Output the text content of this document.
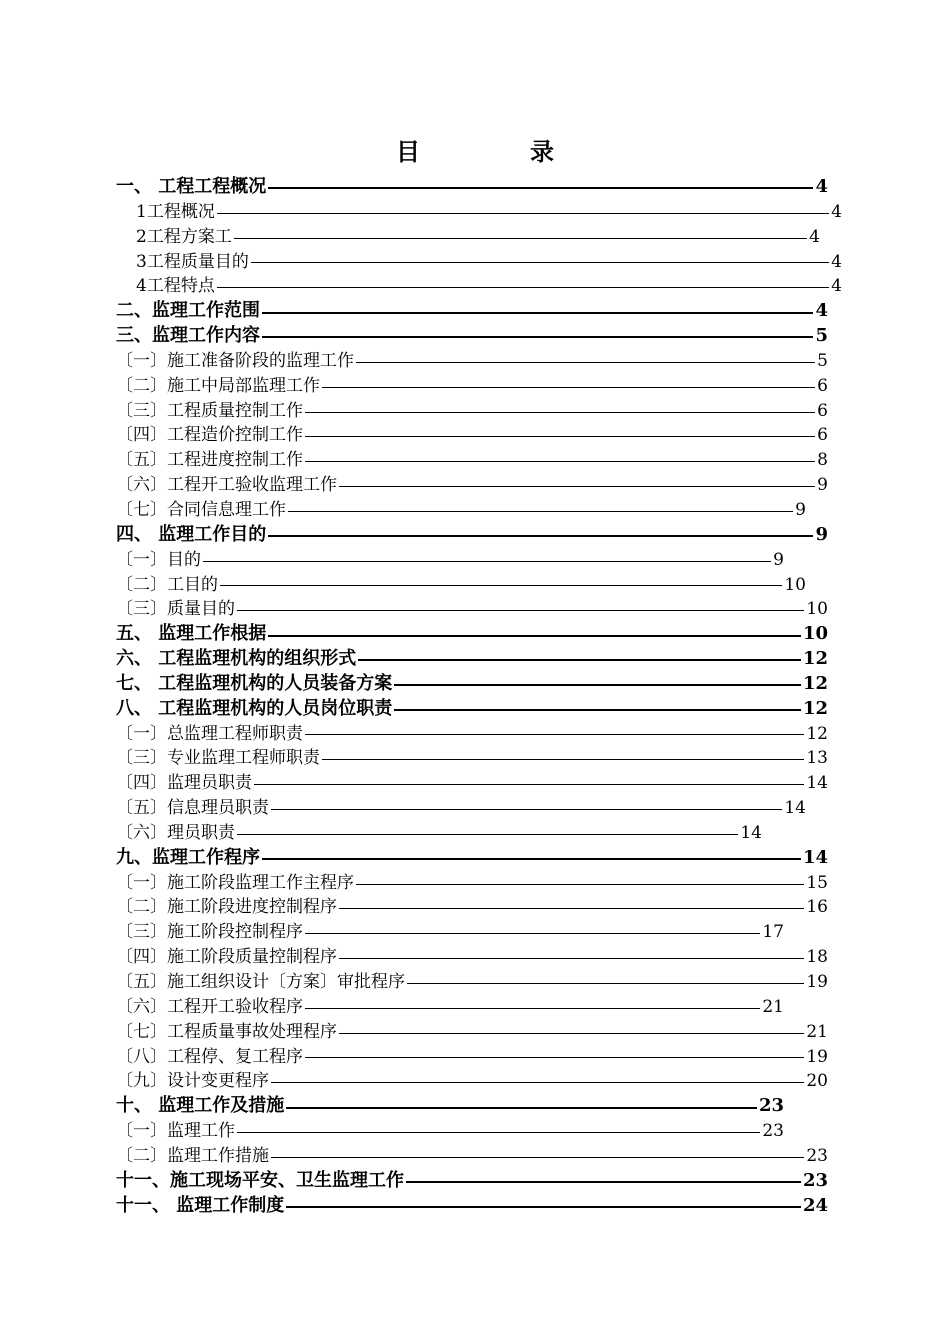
目	录
一、 工程工程概况	4
1工程概况	4
2工程方案工	4
3工程质量目的	4
4工程特点	4
二、监理工作范围	4
三、监理工作内容	5
〔一〕施工准备阶段的监理工作	5
〔二〕施工中局部监理工作	6
〔三〕工程质量控制工作	6
〔四〕工程造价控制工作	6
〔五〕工程进度控制工作	8
〔六〕工程开工验收监理工作	9
〔七〕合同信息理工作	9
四、 监理工作目的	9
〔一〕目的	9
〔二〕工目的	10
〔三〕质量目的	10
五、 监理工作根据	10
六、 工程监理机构的组织形式	12
七、 工程监理机构的人员装备方案	12
八、 工程监理机构的人员岗位职责	12
〔一〕总监理工程师职责	12
〔三〕专业监理工程师职责	13
〔四〕监理员职责	14
〔五〕信息理员职责	14
〔六〕理员职责	14
九、监理工作程序	14
〔一〕施工阶段监理工作主程序	15
〔二〕施工阶段进度控制程序	16
〔三〕施工阶段控制程序	17
〔四〕施工阶段质量控制程序	18
〔五〕施工组织设计〔方案〕审批程序	19
〔六〕工程开工验收程序	21
〔七〕工程质量事故处理程序	21
〔八〕工程停、复工程序	19
〔九〕设计变更程序	20
十、 监理工作及措施	23
〔一〕监理工作	23
〔二〕监理工作措施	23
十一、施工现场平安、卫生监理工作	23
十一、 监理工作制度	24
